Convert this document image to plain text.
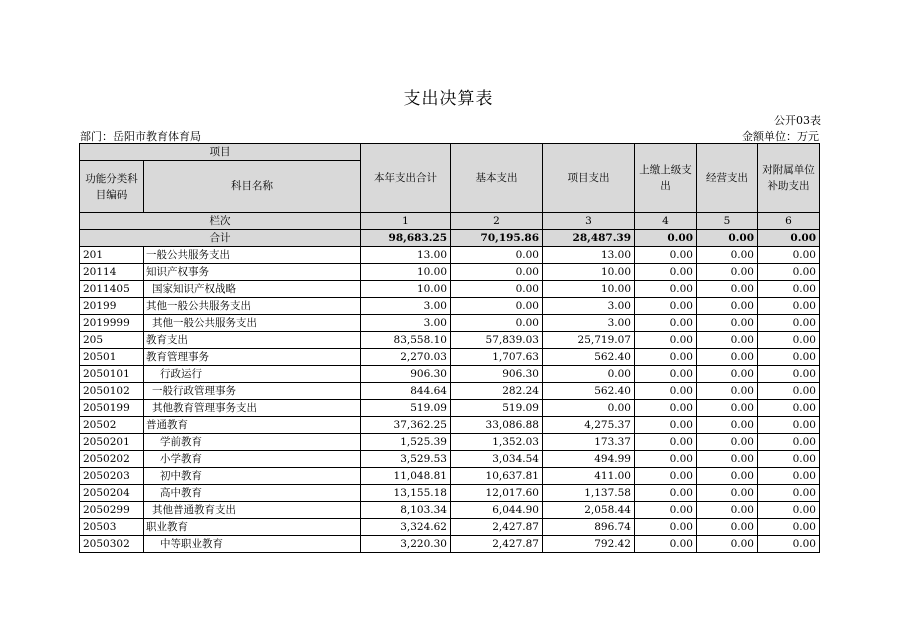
支出决算表
公开03表
部门：岳阳市教育体育局	金额单位：万元
项目		本年支出合计	基本支出	项目支出	上缴上级支出	经营支出	对附属单位补助支出
功能分类科目编码	科目名称						
栏次		1	2	3	4	5	6
合计		98,683.25	70,195.86	28,487.39	0.00	0.00	0.00
201	一般公共服务支出	13.00	0.00	13.00	0.00	0.00	0.00
20114	知识产权事务	10.00	0.00	10.00	0.00	0.00	0.00
2011405	国家知识产权战略	10.00	0.00	10.00	0.00	0.00	0.00
20199	其他一般公共服务支出	3.00	0.00	3.00	0.00	0.00	0.00
2019999	其他一般公共服务支出	3.00	0.00	3.00	0.00	0.00	0.00
205	教育支出	83,558.10	57,839.03	25,719.07	0.00	0.00	0.00
20501	教育管理事务	2,270.03	1,707.63	562.40	0.00	0.00	0.00
2050101	行政运行	906.30	906.30	0.00	0.00	0.00	0.00
2050102	一般行政管理事务	844.64	282.24	562.40	0.00	0.00	0.00
2050199	其他教育管理事务支出	519.09	519.09	0.00	0.00	0.00	0.00
20502	普通教育	37,362.25	33,086.88	4,275.37	0.00	0.00	0.00
2050201	学前教育	1,525.39	1,352.03	173.37	0.00	0.00	0.00
2050202	小学教育	3,529.53	3,034.54	494.99	0.00	0.00	0.00
2050203	初中教育	11,048.81	10,637.81	411.00	0.00	0.00	0.00
2050204	高中教育	13,155.18	12,017.60	1,137.58	0.00	0.00	0.00
2050299	其他普通教育支出	8,103.34	6,044.90	2,058.44	0.00	0.00	0.00
20503	职业教育	3,324.62	2,427.87	896.74	0.00	0.00	0.00
2050302	中等职业教育	3,220.30	2,427.87	792.42	0.00	0.00	0.00
